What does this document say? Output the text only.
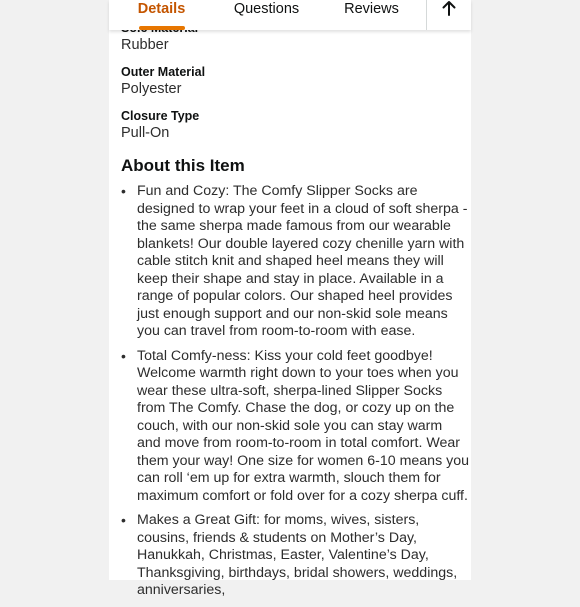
Rubber
Outer Material
Polyester
Closure Type
Pull-On
About this Item
• Fun and Cozy: The Comfy Slipper Socks are designed to wrap your feet in a cloud of soft sherpa - the same sherpa made famous from our wearable blankets! Our double layered cozy chenille yarn with cable stitch knit and shaped heel means they will keep their shape and stay in place. Available in a range of popular colors. Our shaped heel provides just enough support and our non-skid sole means you can travel from room-to-room with ease.
• Total Comfy-ness: Kiss your cold feet goodbye! Welcome warmth right down to your toes when you wear these ultra-soft, sherpa-lined Slipper Socks from The Comfy. Chase the dog, or cozy up on the couch, with our non-skid sole you can stay warm and move from room-to-room in total comfort. Wear them your way! One size for women 6-10 means you can roll ‘em up for extra warmth, slouch them for maximum comfort or fold over for a cozy sherpa cuff.
• Makes a Great Gift: for moms, wives, sisters, cousins, friends & students on Mother’s Day, Hanukkah, Christmas, Easter, Valentine’s Day, Thanksgiving, birthdays, bridal showers, weddings, anniversaries,
Details	Questions	Reviews
